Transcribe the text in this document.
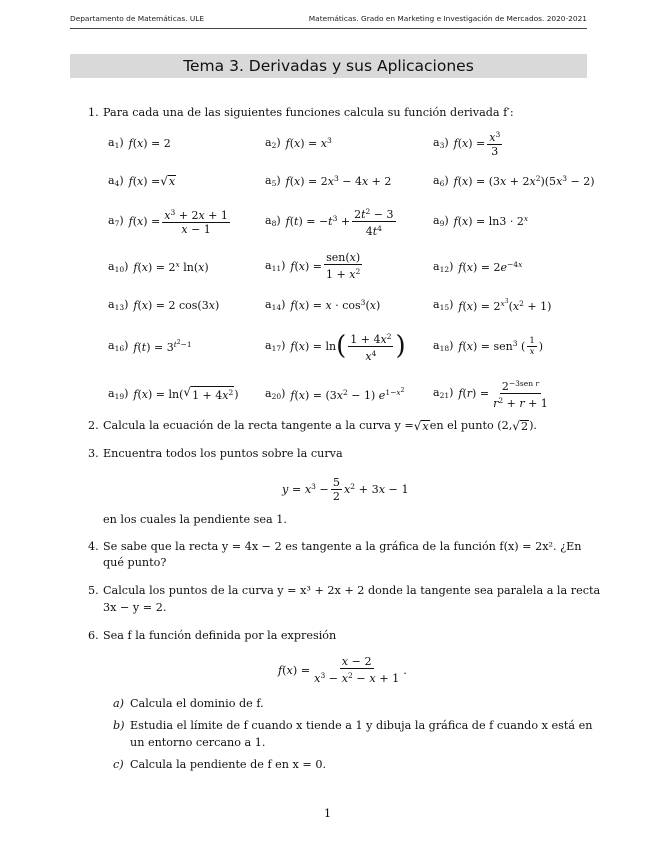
Departamento de Matemáticas. ULE	Matemáticas. Grado en Marketing e Investigación de Mercados. 2020-2021
Tema 3. Derivadas y sus Aplicaciones
1. Para cada una de las siguientes funciones calcula su función derivada f′:
$a_1$) f(x) = 2	$a_2$) $f(x) = x^3$	$a_3$) $f(x) = \frac{x^3}{3}$
$a_4$) f(x) = √ x	$a_5$) $f(x) = 2x^3 - 4x + 2$	$a_6$) $f(x) = (3x + 2x^2)(5x^3 - 2)$
$a_7$) $f(x) = \frac{x^3 + 2x + 1}{x - 1}$	$a_8$) $f(t) = -t^3 + \frac{2t^2 - 3}{4t^4}$	$a_9$) $f(x) = \ln 3 \cdot 2^x$
$a_{10}$) $f(x) = 2^x$ ln(x)	$a_{11}$) $f(x) = \frac{\text{sen(x)}}{1 + x^2}$	$a_{12}$) $f(x) = 2e^{-4x}$
$a_{13}$) f(x) = 2 cos(3x)	$a_{14}$) $f(x) = x \cdot \cos^3(x)$	$a_{15}$) $f(x) = 2^{x^3}(x^2 + 1)$
$a_{16}$) $f(t) = 3^{t^2-1}$	$a_{17}$) f(x) = ln ( $\frac{1 + 4x^2}{x^4}$ ) $a_{18}$) f(x) = sen$^3$ ( $\frac{1}{x}$ )
$a_{19}$) f(x) = ln( √ $1 + 4x^2$ ) $a_{20}$) $f(x) = (3x^2 - 1)$ $e^{1-x^2}$	$a_{21}$) $f(r) = \frac{2^{-3sen r}}{r^2 + r + 1}$
2. Calcula la ecuación de la recta tangente a la curva y = √ x en el punto (2, √ 2 ).
3. Encuentra todos los puntos sobre la curva
$y = x^3 - \frac{5}{2} x^2 + 3x - 1$
en los cuales la pendiente sea 1.
4. Se sabe que la recta y = 4x − 2 es tangente a la gráfica de la función f(x) = 2x². ¿En
qué punto?
5. Calcula los puntos de la curva y = x³ + 2x + 2 donde la tangente sea paralela a la recta
3x − y = 2.
6. Sea f la función definida por la expresión
$f(x) = \frac{x - 2}{x^3 - x^2 - x + 1}$ .
a) Calcula el dominio de f.
b) Estudia el límite de f cuando x tiende a 1 y dibuja la gráfica de f cuando x está en
un entorno cercano a 1.
c) Calcula la pendiente de f en x = 0.
1
